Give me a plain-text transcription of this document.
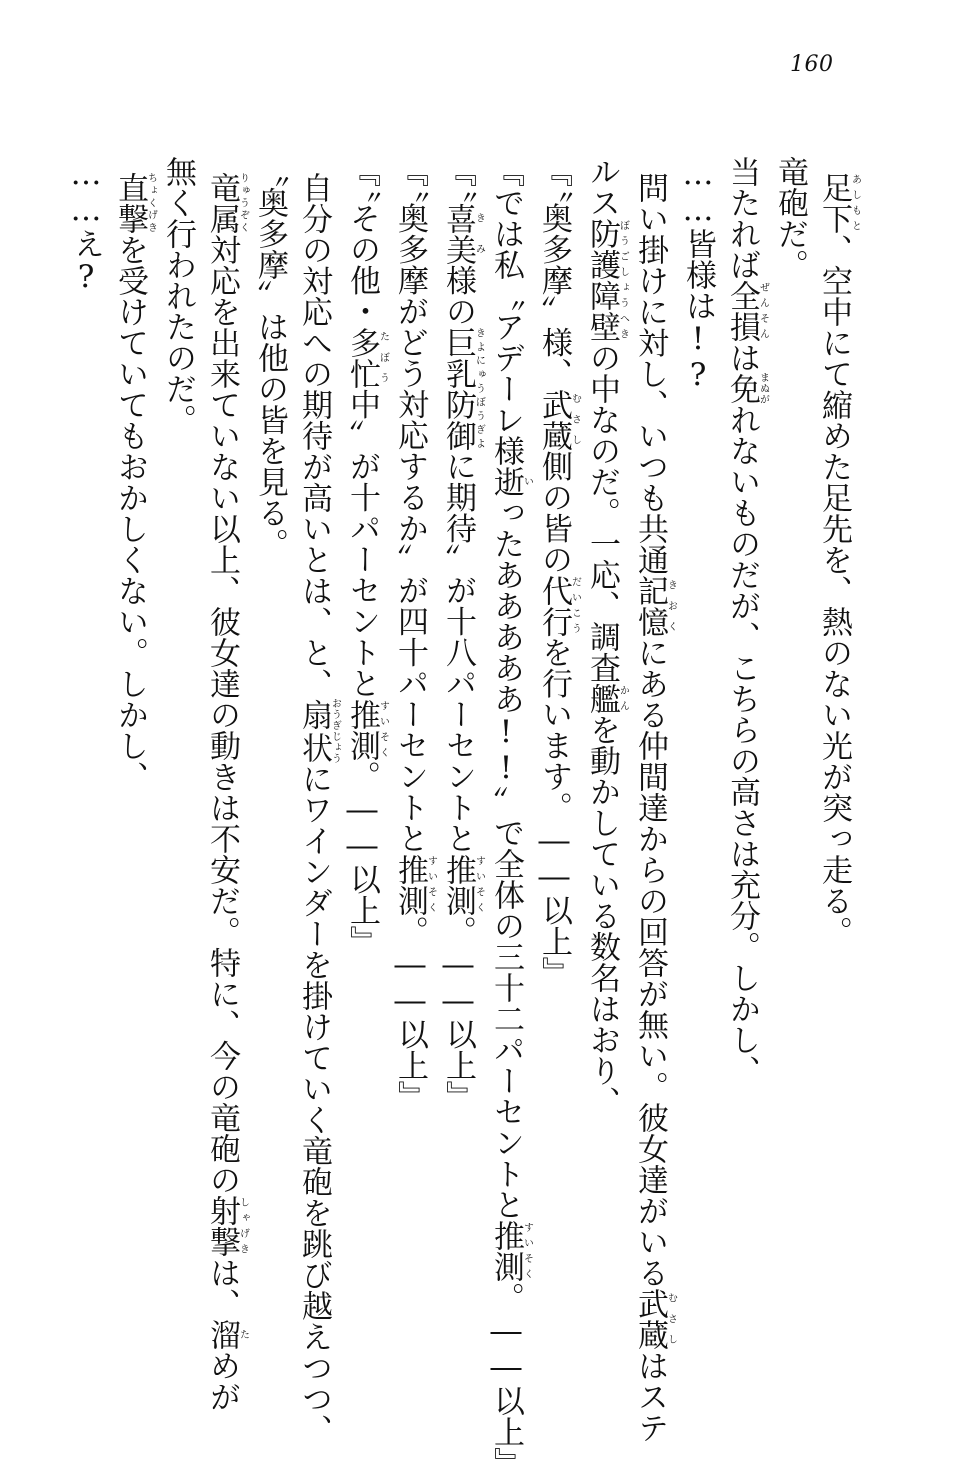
160
足下あしもと、空中にて縮めた足先を、熱のない光が突っ走る。
竜砲だ。
当たれば全損ぜんそんは免まぬがれないものだが、こちらの高さは充分。しかし、
……皆様は!?
問い掛けに対し、いつも共通記憶きおくにある仲間達からの回答が無い。彼女達がいる武蔵むさしはステ
ルス防護障壁ぼうごしょうへきの中なのだ。一応、調査艦かんを動かしている数名はおり、
『〝奥多摩〟様、武蔵むさし側の皆の代行だいこうを行います。――以上』
『では私〝アデーレ様逝いったあああああ!!〟で全体の三十二パーセントと推測すいそく。――以上』
『〝喜美きみ様の巨乳防御きよにゅうぼうぎよに期待〟が十八パーセントと推測すいそく。――以上』
『〝奥多摩がどう対応するか〟が四十パーセントと推測すいそく。――以上』
『〝その他・多忙たぼう中〟が十パーセントと推測すいそく。――以上』
自分の対応への期待が高いとは、と、扇状おうぎじょうにワインダーを掛けていく竜砲を跳び越えつつ、
〝奥多摩〟は他の皆を見る。
竜属りゅうぞく対応を出来ていない以上、彼女達の動きは不安だ。特に、今の竜砲の射撃しゃげきは、溜ためが
無く行われたのだ。
直撃ちょくげきを受けていてもおかしくない。しかし、
……え?
